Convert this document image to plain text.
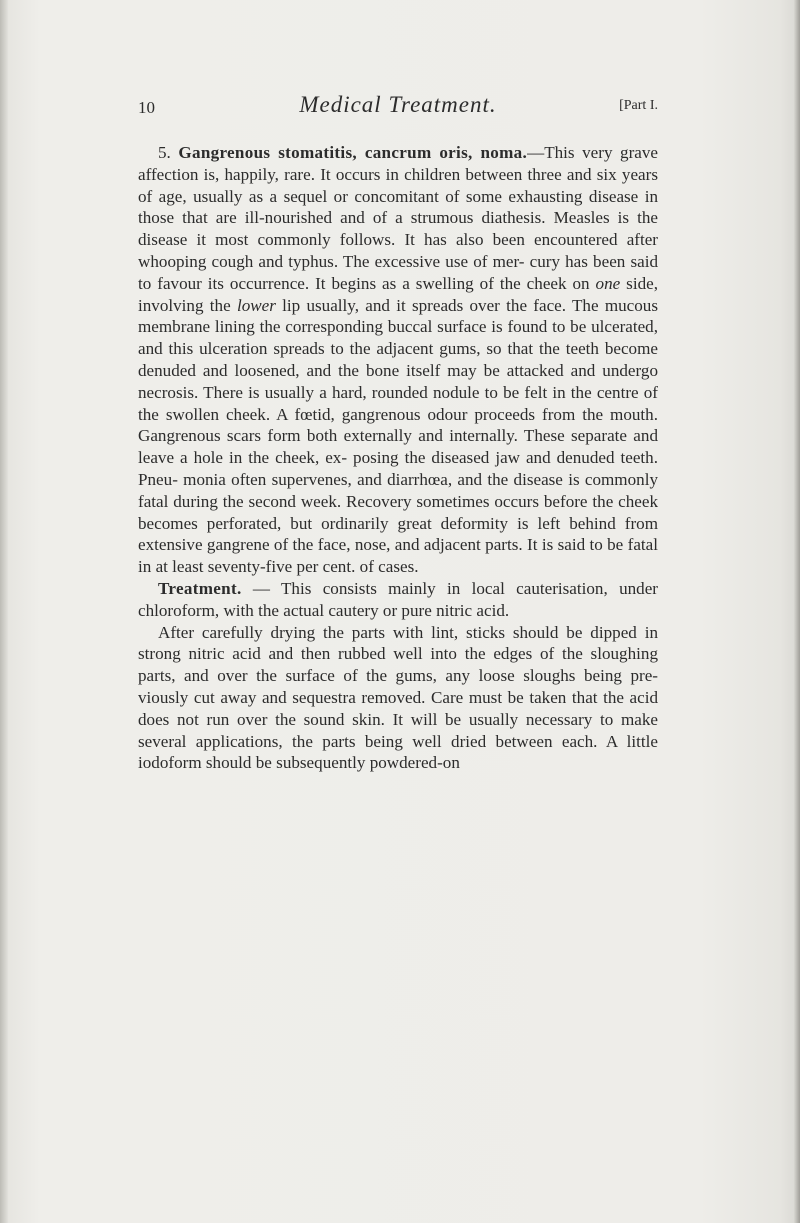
10	Medical Treatment.	[Part I.

5. Gangrenous stomatitis, cancrum oris, noma.—This very grave affection is, happily, rare. It occurs in children between three and six years of age, usually as a sequel or concomitant of some exhausting disease in those that are ill-nourished and of a strumous diathesis. Measles is the disease it most commonly follows. It has also been encountered after whooping cough and typhus. The excessive use of mer- cury has been said to favour its occurrence. It begins as a swelling of the cheek on one side, involving the lower lip usually, and it spreads over the face. The mucous membrane lining the corresponding buccal surface is found to be ulcerated, and this ulceration spreads to the adjacent gums, so that the teeth become denuded and loosened, and the bone itself may be attacked and undergo necrosis. There is usually a hard, rounded nodule to be felt in the centre of the swollen cheek. A fœtid, gangrenous odour proceeds from the mouth. Gangrenous scars form both externally and internally. These separate and leave a hole in the cheek, ex- posing the diseased jaw and denuded teeth. Pneu- monia often supervenes, and diarrhœa, and the disease is commonly fatal during the second week. Recovery sometimes occurs before the cheek becomes perforated, but ordinarily great deformity is left behind from extensive gangrene of the face, nose, and adjacent parts. It is said to be fatal in at least seventy-five per cent. of cases.

Treatment. — This consists mainly in local cauterisation, under chloroform, with the actual cautery or pure nitric acid.

After carefully drying the parts with lint, sticks should be dipped in strong nitric acid and then rubbed well into the edges of the sloughing parts, and over the surface of the gums, any loose sloughs being pre- viously cut away and sequestra removed. Care must be taken that the acid does not run over the sound skin. It will be usually necessary to make several applications, the parts being well dried between each. A little iodoform should be subsequently powdered-on
